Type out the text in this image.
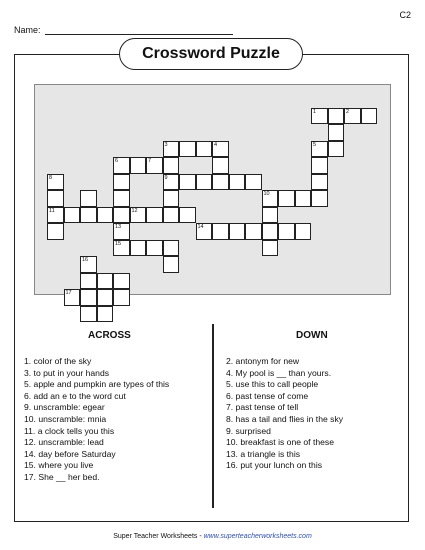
C2
Name:
Crossword Puzzle
1	2
3	4	5
6	7
8	9
10
11	12
13	14
15
16
17
ACROSS	DOWN
1. color of the sky
3. to put in your hands
5. apple and pumpkin are types of this
6. add an e to the word cut
9. unscramble: egear
10. unscramble: mnia
11. a clock tells you this
12. unscramble: lead
14. day before Saturday
15. where you live
17. She __ her bed.
2. antonym for new
4. My pool is __ than yours.
5. use this to call people
6. past tense of come
7. past tense of tell
8. has a tail and flies in the sky
9. surprised
10. breakfast is one of these
13. a triangle is this
16. put your lunch on this
Super Teacher Worksheets - www.superteacherworksheets.com
